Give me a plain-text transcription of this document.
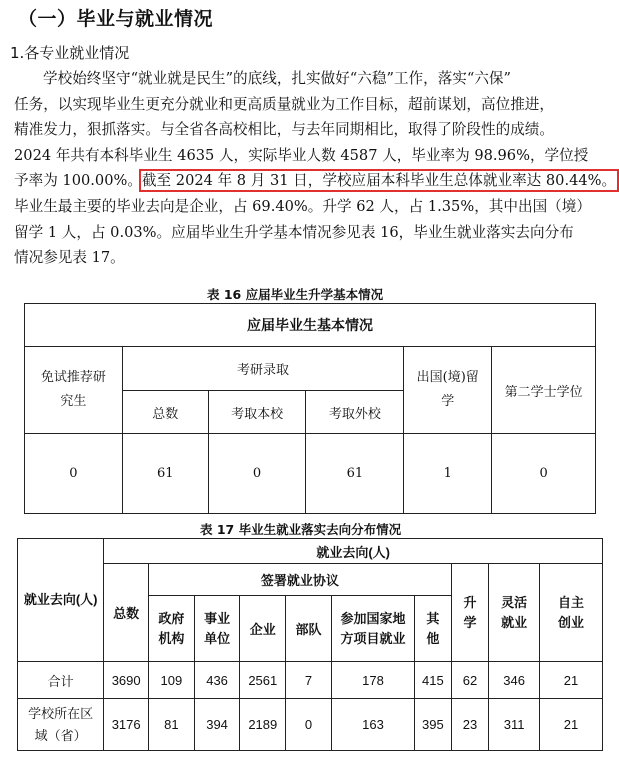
（一）毕业与就业情况
1.各专业就业情况
学校始终坚守“就业就是民生”的底线，扎实做好“六稳”工作，落实“六保”
任务，以实现毕业生更充分就业和更高质量就业为工作目标，超前谋划，高位推进，
精准发力，狠抓落实。与全省各高校相比，与去年同期相比，取得了阶段性的成绩。
2024 年共有本科毕业生 4635 人，实际毕业人数 4587 人，毕业率为 98.96%，学位授
予率为 100.00%。截至 2024 年 8 月 31 日，学校应届本科毕业生总体就业率达 80.44%。
毕业生最主要的毕业去向是企业，占 69.40%。升学 62 人，占 1.35%，其中出国（境）
留学 1 人，占 0.03%。应届毕业生升学基本情况参见表 16，毕业生就业落实去向分布
情况参见表 17。
表 16 应届毕业生升学基本情况
应届毕业生基本情况					
免试推荐研究生	考研录取			出国(境)留学	第二学士学位
	总数	考取本校	考取外校		
0	61	0	61	1	0
表 17 毕业生就业落实去向分布情况
就业去向(人)	就业去向(人)									
	总数	签署就业协议						升学	灵活就业	自主创业
		政府机构	事业单位	企业	部队	参加国家地方项目就业	其他			
合计	3690	109	436	2561	7	178	415	62	346	21
学校所在区域（省）	3176	81	394	2189	0	163	395	23	311	21
